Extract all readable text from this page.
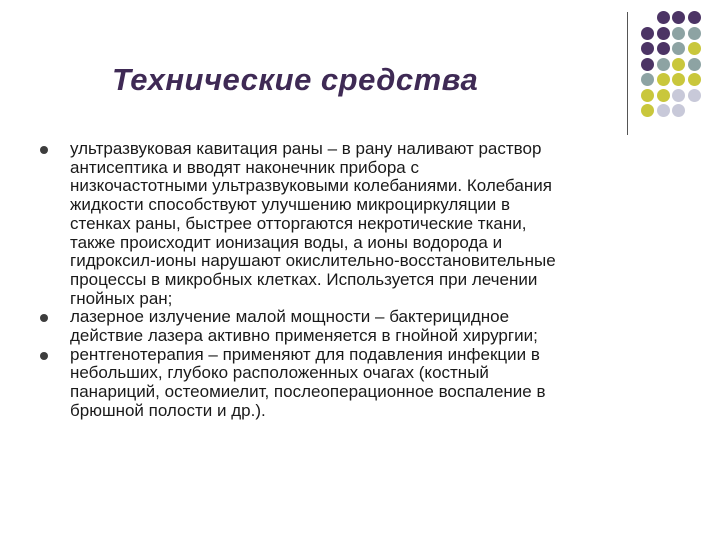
Технические средства
ультразвуковая кавитация раны – в рану наливают раствор
антисептика и вводят наконечник прибора с
низкочастотными ультразвуковыми колебаниями. Колебания
жидкости способствуют улучшению микроциркуляции в
стенках раны, быстрее отторгаются некротические ткани,
также происходит ионизация воды, а ионы водорода и
гидроксил-ионы нарушают окислительно-восстановительные
процессы в микробных клетках. Используется при лечении
гнойных ран;
лазерное излучение малой мощности – бактерицидное
действие лазера активно применяется в гнойной хирургии;
рентгенотерапия – применяют для подавления инфекции в
небольших, глубоко расположенных очагах (костный
панариций, остеомиелит, послеоперационное воспаление в
брюшной полости и др.).
